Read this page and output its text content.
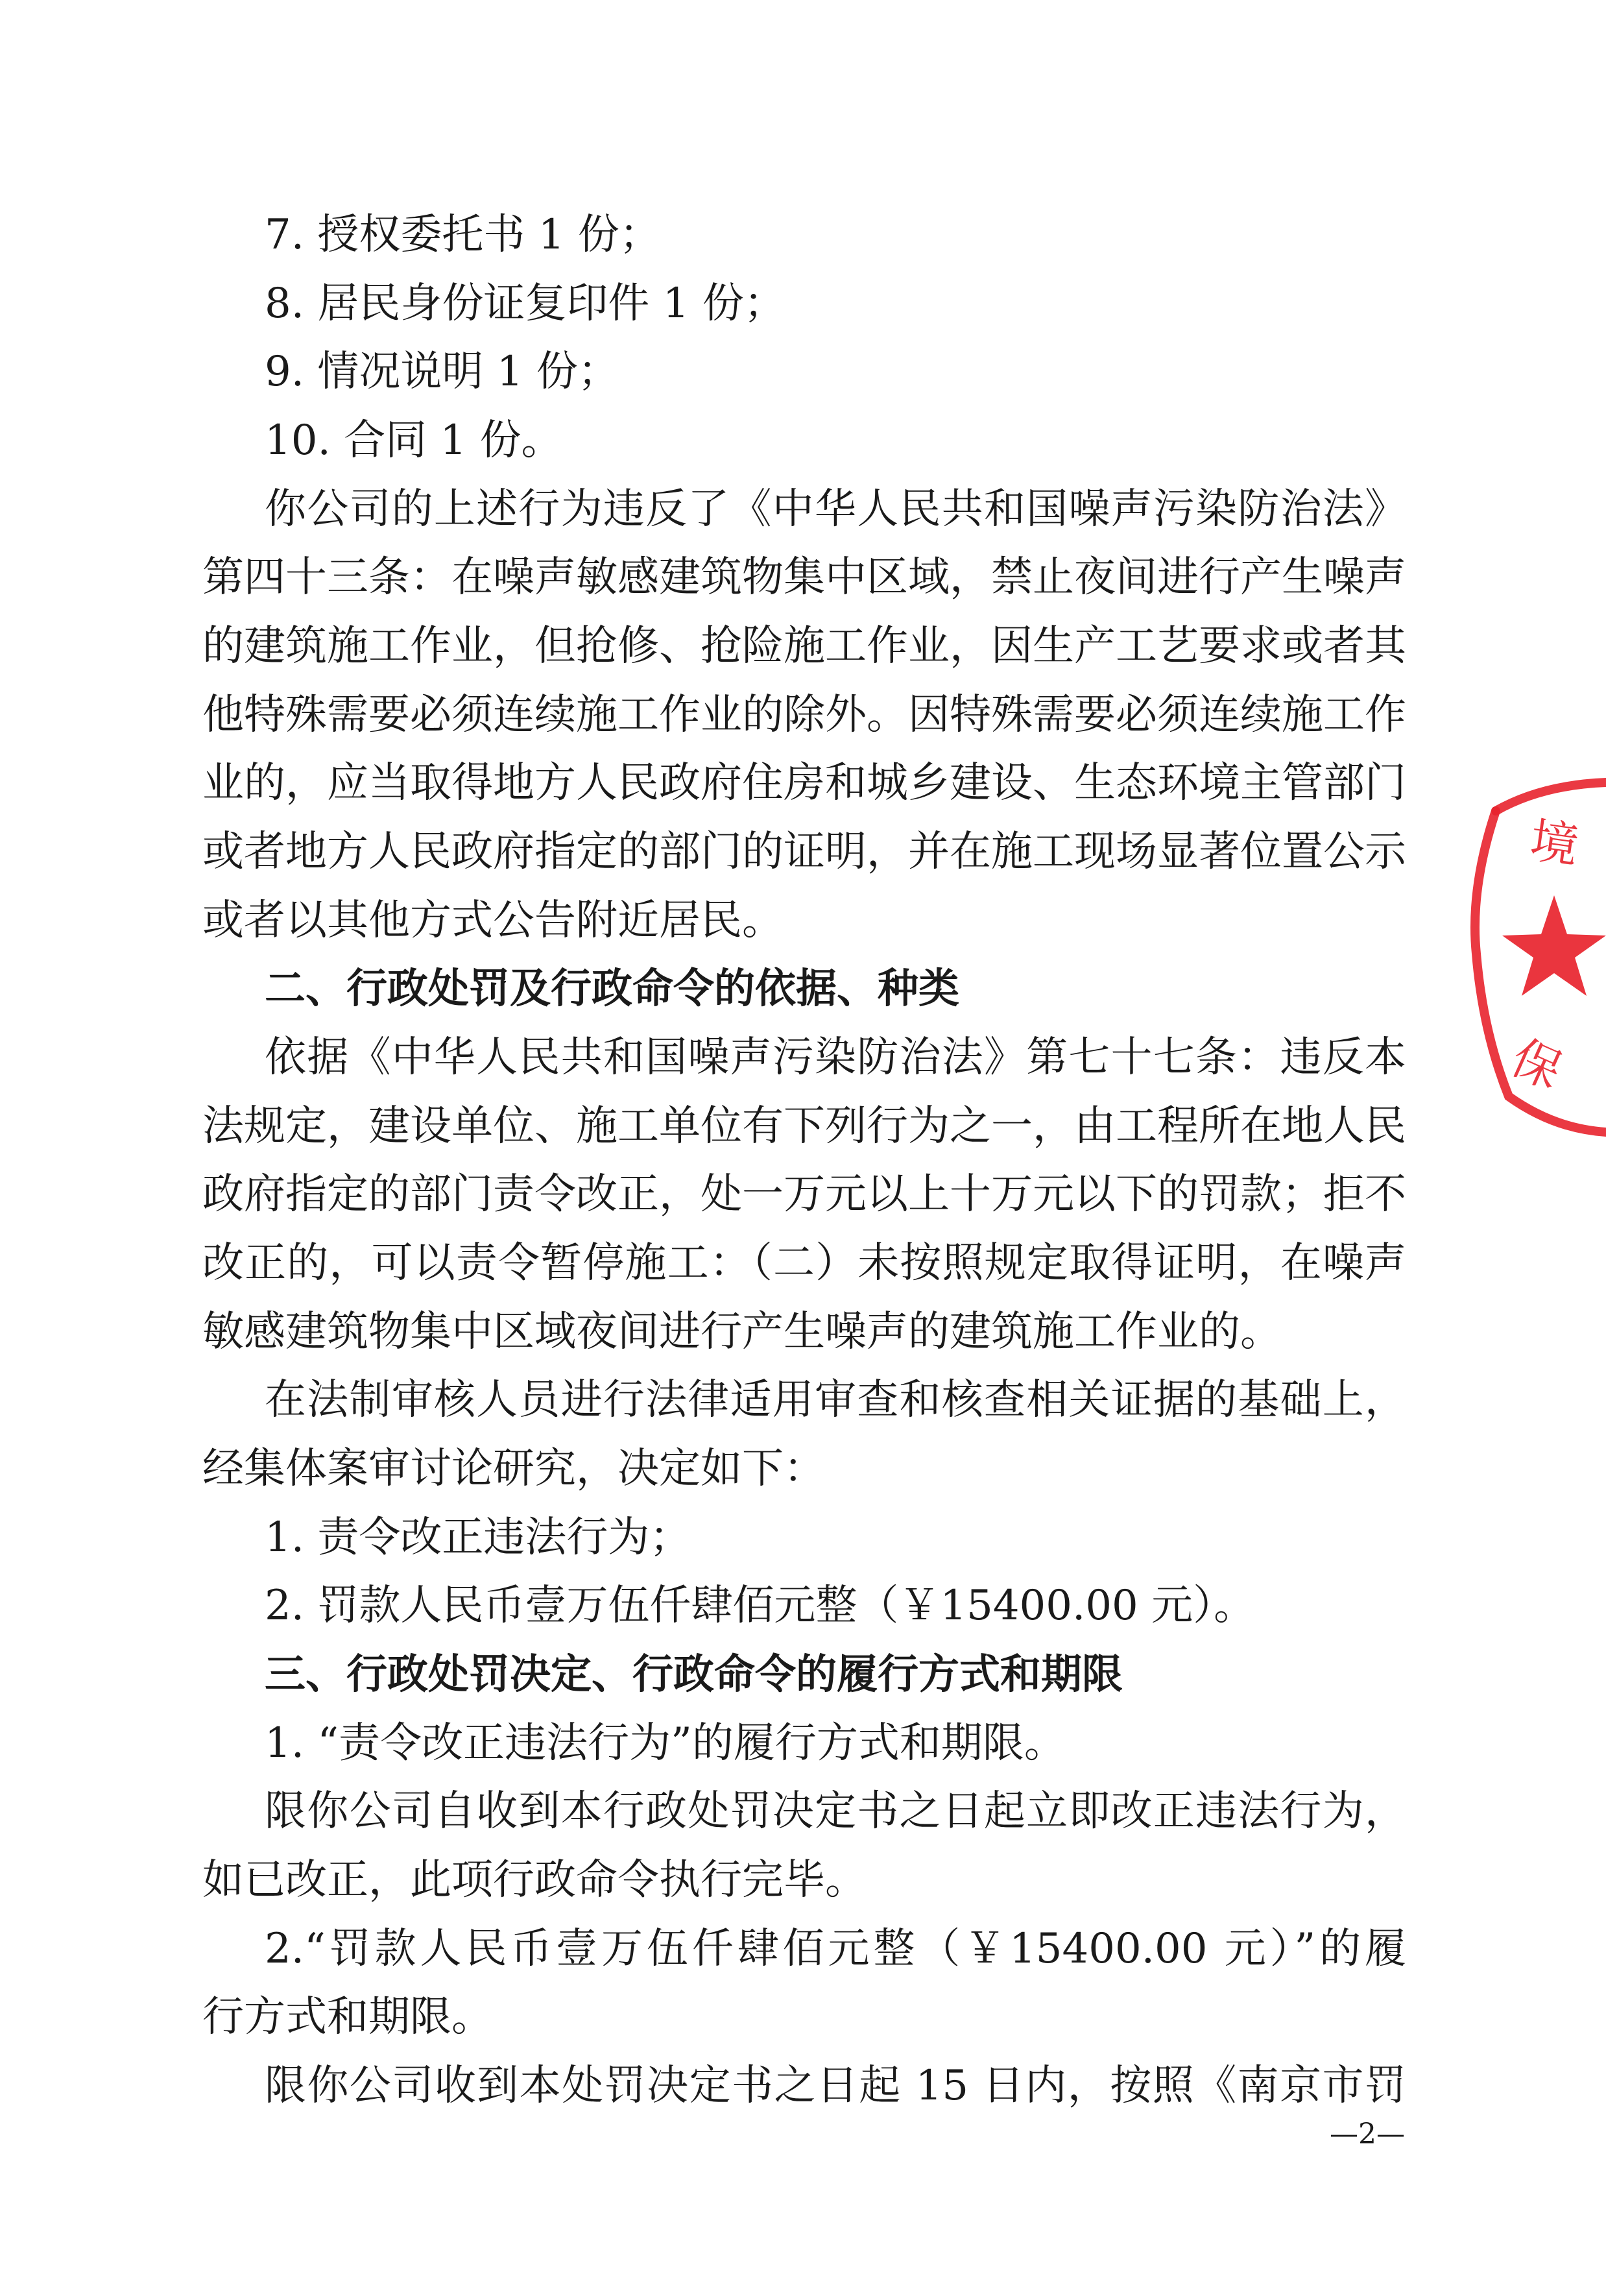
7. 授权委托书 1 份；
8. 居民身份证复印件 1 份；
9. 情况说明 1 份；
10. 合同 1 份。
你公司的上述行为违反了《中华人民共和国噪声污染防治法》
第四十三条：在噪声敏感建筑物集中区域，禁止夜间进行产生噪声
的建筑施工作业，但抢修、抢险施工作业，因生产工艺要求或者其
他特殊需要必须连续施工作业的除外。因特殊需要必须连续施工作
业的，应当取得地方人民政府住房和城乡建设、生态环境主管部门
或者地方人民政府指定的部门的证明，并在施工现场显著位置公示
或者以其他方式公告附近居民。
二、行政处罚及行政命令的依据、种类
依据《中华人民共和国噪声污染防治法》第七十七条：违反本
法规定，建设单位、施工单位有下列行为之一，由工程所在地人民
政府指定的部门责令改正，处一万元以上十万元以下的罚款；拒不
改正的，可以责令暂停施工：（二）未按照规定取得证明，在噪声
敏感建筑物集中区域夜间进行产生噪声的建筑施工作业的。
在法制审核人员进行法律适用审查和核查相关证据的基础上，
经集体案审讨论研究，决定如下：
1. 责令改正违法行为；
2. 罚款人民币壹万伍仟肆佰元整（￥15400.00 元）。
三、行政处罚决定、行政命令的履行方式和期限
1. “责令改正违法行为”的履行方式和期限。
限你公司自收到本行政处罚决定书之日起立即改正违法行为，
如已改正，此项行政命令执行完毕。
2.“罚款人民币壹万伍仟肆佰元整（￥15400.00 元）”的履
行方式和期限。
限你公司收到本处罚决定书之日起 15 日内，按照《南京市罚
—2—
境
保
